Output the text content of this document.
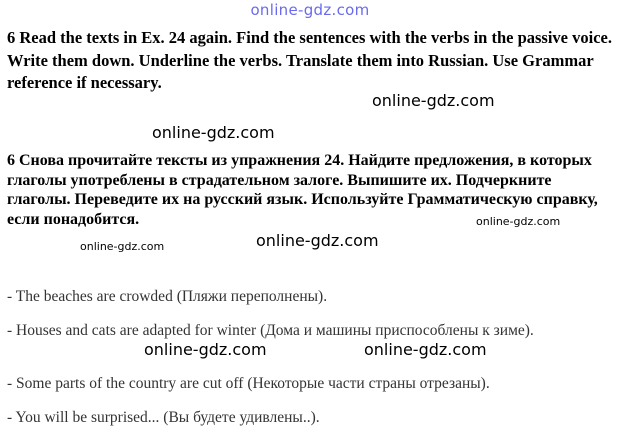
online-gdz.com

6 Read the texts in Ex. 24 again. Find the sentences with the verbs in the passive voice. Write them down. Underline the verbs. Translate them into Russian. Use Grammar reference if necessary.

6 Снова прочитайте тексты из упражнения 24. Найдите предложения, в которых глаголы употреблены в страдательном залоге. Выпишите их. Подчеркните глаголы. Переведите их на русский язык. Используйте Грамматическую справку, если понадобится.

- The beaches are crowded (Пляжи переполнены).

- Houses and cats are adapted for winter (Дома и машины приспособлены к зиме).

- Some parts of the country are cut off (Некоторые части страны отрезаны).

- You will be surprised... (Вы будете удивлены..).

online-gdz.com
online-gdz.com
online-gdz.com
online-gdz.com
online-gdz.com
online-gdz.com	online-gdz.com
